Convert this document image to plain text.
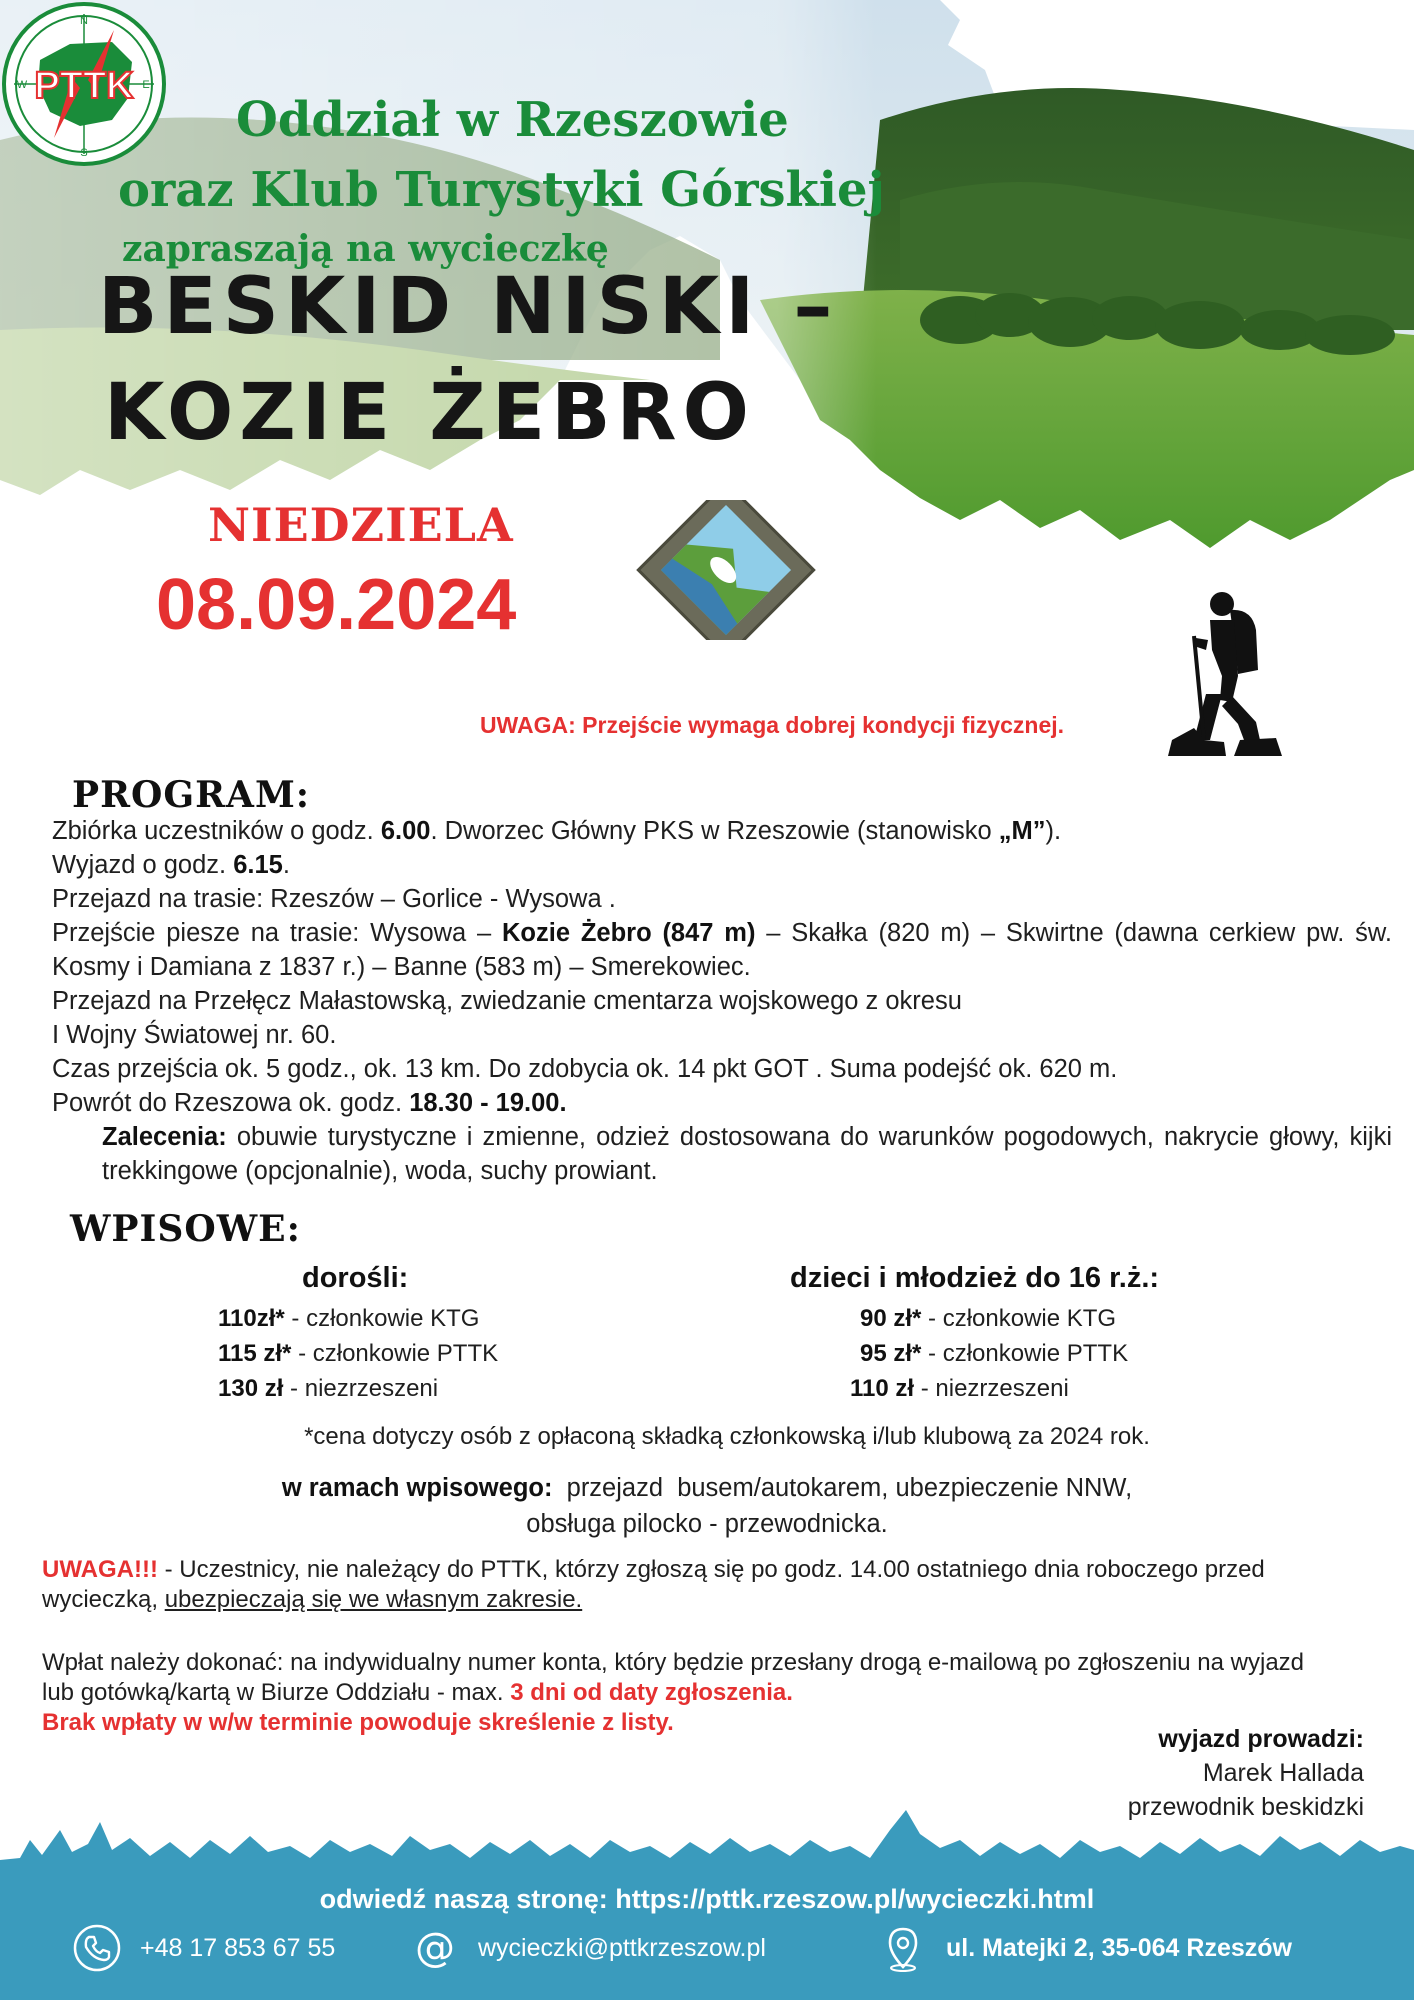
PTTK
N
S
W	E
Oddział w Rzeszowie
oraz Klub Turystyki Górskiej
zapraszają na wycieczkę
BESKID NISKI –
KOZIE ŻEBRO
NIEDZIELA
08.09.2024
UWAGA: Przejście wymaga dobrej kondycji fizycznej.
PROGRAM:

Zbiórka uczestników o godz. 6.00. Dworzec Główny PKS w Rzeszowie (stanowisko „M”).

Wyjazd o godz. 6.15.

Przejazd na trasie: Rzeszów – Gorlice - Wysowa .

Przejście piesze na trasie: Wysowa – Kozie Żebro (847 m) – Skałka (820 m) – Skwirtne (dawna cerkiew pw. św. Kosmy i Damiana z 1837 r.) – Banne (583 m) – Smerekowiec.

Przejazd na Przełęcz Małastowską, zwiedzanie cmentarza wojskowego z okresu

I Wojny Światowej nr. 60.

Czas przejścia ok. 5 godz., ok. 13 km. Do zdobycia ok. 14 pkt GOT . Suma podejść ok. 620 m.

Powrót do Rzeszowa ok. godz. 18.30 - 19.00.

Zalecenia: obuwie turystyczne i zmienne, odzież dostosowana do warunków pogodowych, nakrycie głowy, kijki trekkingowe (opcjonalnie), woda, suchy prowiant.

WPISOWE:
dorośli:
110zł* - członkowie KTG
115 zł* - członkowie PTTK
130 zł - niezrzeszeni
dzieci i młodzież do 16 r.ż.:
90 zł* - członkowie KTG
95 zł* - członkowie PTTK
110 zł - niezrzeszeni
*cena dotyczy osób z opłaconą składką członkowską i/lub klubową za 2024 rok.
w ramach wpisowego:  przejazd  busem/autokarem, ubezpieczenie NNW,
obsługa pilocko - przewodnicka.
UWAGA!!! - Uczestnicy, nie należący do PTTK, którzy zgłoszą się po godz. 14.00 ostatniego dnia roboczego przed wycieczką, ubezpieczają się we własnym zakresie.
Wpłat należy dokonać: na indywidualny numer konta, który będzie przesłany drogą e-mailową po zgłoszeniu na wyjazd lub gotówką/kartą w Biurze Oddziału - max. 3 dni od daty zgłoszenia.
Brak wpłaty w w/w terminie powoduje skreślenie z listy.
wyjazd prowadzi:
Marek Hallada
przewodnik beskidzki
odwiedź naszą stronę: https://pttk.rzeszow.pl/wycieczki.html
+48 17 853 67 55 @ wycieczki@pttkrzeszow.pl	ul. Matejki 2, 35-064 Rzeszów
